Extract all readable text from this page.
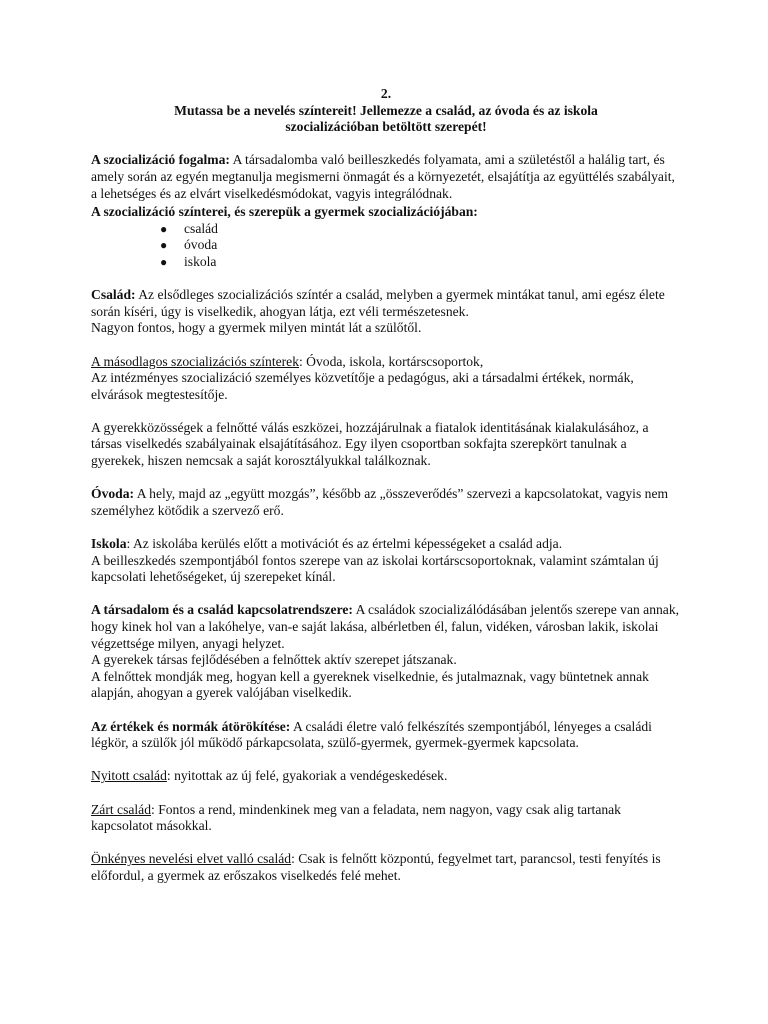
2.

Mutassa be a nevelés színtereit! Jellemezze a család, az óvoda és az iskola

szocializációban betöltött szerepét!

A szocializáció fogalma: A társadalomba való beilleszkedés folyamata, ami a születéstől a halálig tart, és amely során az egyén megtanulja megismerni önmagát és a környezetét, elsajátítja az együttélés szabályait, a lehetséges és az elvárt viselkedésmódokat, vagyis integrálódnak.

A szocializáció színterei, és szerepük a gyermek szocializációjában:

● család
● óvoda
● iskola

Család: Az elsődleges szocializációs színtér a család, melyben a gyermek mintákat tanul, ami egész élete során kíséri, úgy is viselkedik, ahogyan látja, ezt véli természetesnek.

Nagyon fontos, hogy a gyermek milyen mintát lát a szülőtől.

A másodlagos szocializációs színterek: Óvoda, iskola, kortárscsoportok,

Az intézményes szocializáció személyes közvetítője a pedagógus, aki a társadalmi értékek, normák, elvárások megtestesítője.

A gyerekközösségek a felnőtté válás eszközei, hozzájárulnak a fiatalok identitásának kialakulásához, a társas viselkedés szabályainak elsajátításához. Egy ilyen csoportban sokfajta szerepkört tanulnak a gyerekek, hiszen nemcsak a saját korosztályukkal találkoznak.

Óvoda: A hely, majd az „együtt mozgás”, később az „összeverődés” szervezi a kapcsolatokat, vagyis nem személyhez kötődik a szervező erő.

Iskola: Az iskolába kerülés előtt a motivációt és az értelmi képességeket a család adja.

A beilleszkedés szempontjából fontos szerepe van az iskolai kortárscsoportoknak, valamint számtalan új kapcsolati lehetőségeket, új szerepeket kínál.

A társadalom és a család kapcsolatrendszere: A családok szocializálódásában jelentős szerepe van annak, hogy kinek hol van a lakóhelye, van-e saját lakása, albérletben él, falun, vidéken, városban lakik, iskolai végzettsége milyen, anyagi helyzet.

A gyerekek társas fejlődésében a felnőttek aktív szerepet játszanak.

A felnőttek mondják meg, hogyan kell a gyereknek viselkednie, és jutalmaznak, vagy büntetnek annak alapján, ahogyan a gyerek valójában viselkedik.

Az értékek és normák átörökítése: A családi életre való felkészítés szempontjából, lényeges a családi légkör, a szülők jól működő párkapcsolata, szülő-gyermek, gyermek-gyermek kapcsolata.

Nyitott család: nyitottak az új felé, gyakoriak a vendégeskedések.

Zárt család: Fontos a rend, mindenkinek meg van a feladata, nem nagyon, vagy csak alig tartanak kapcsolatot másokkal.

Önkényes nevelési elvet valló család: Csak is felnőtt központú, fegyelmet tart, parancsol, testi fenyítés is előfordul, a gyermek az erőszakos viselkedés felé mehet.
